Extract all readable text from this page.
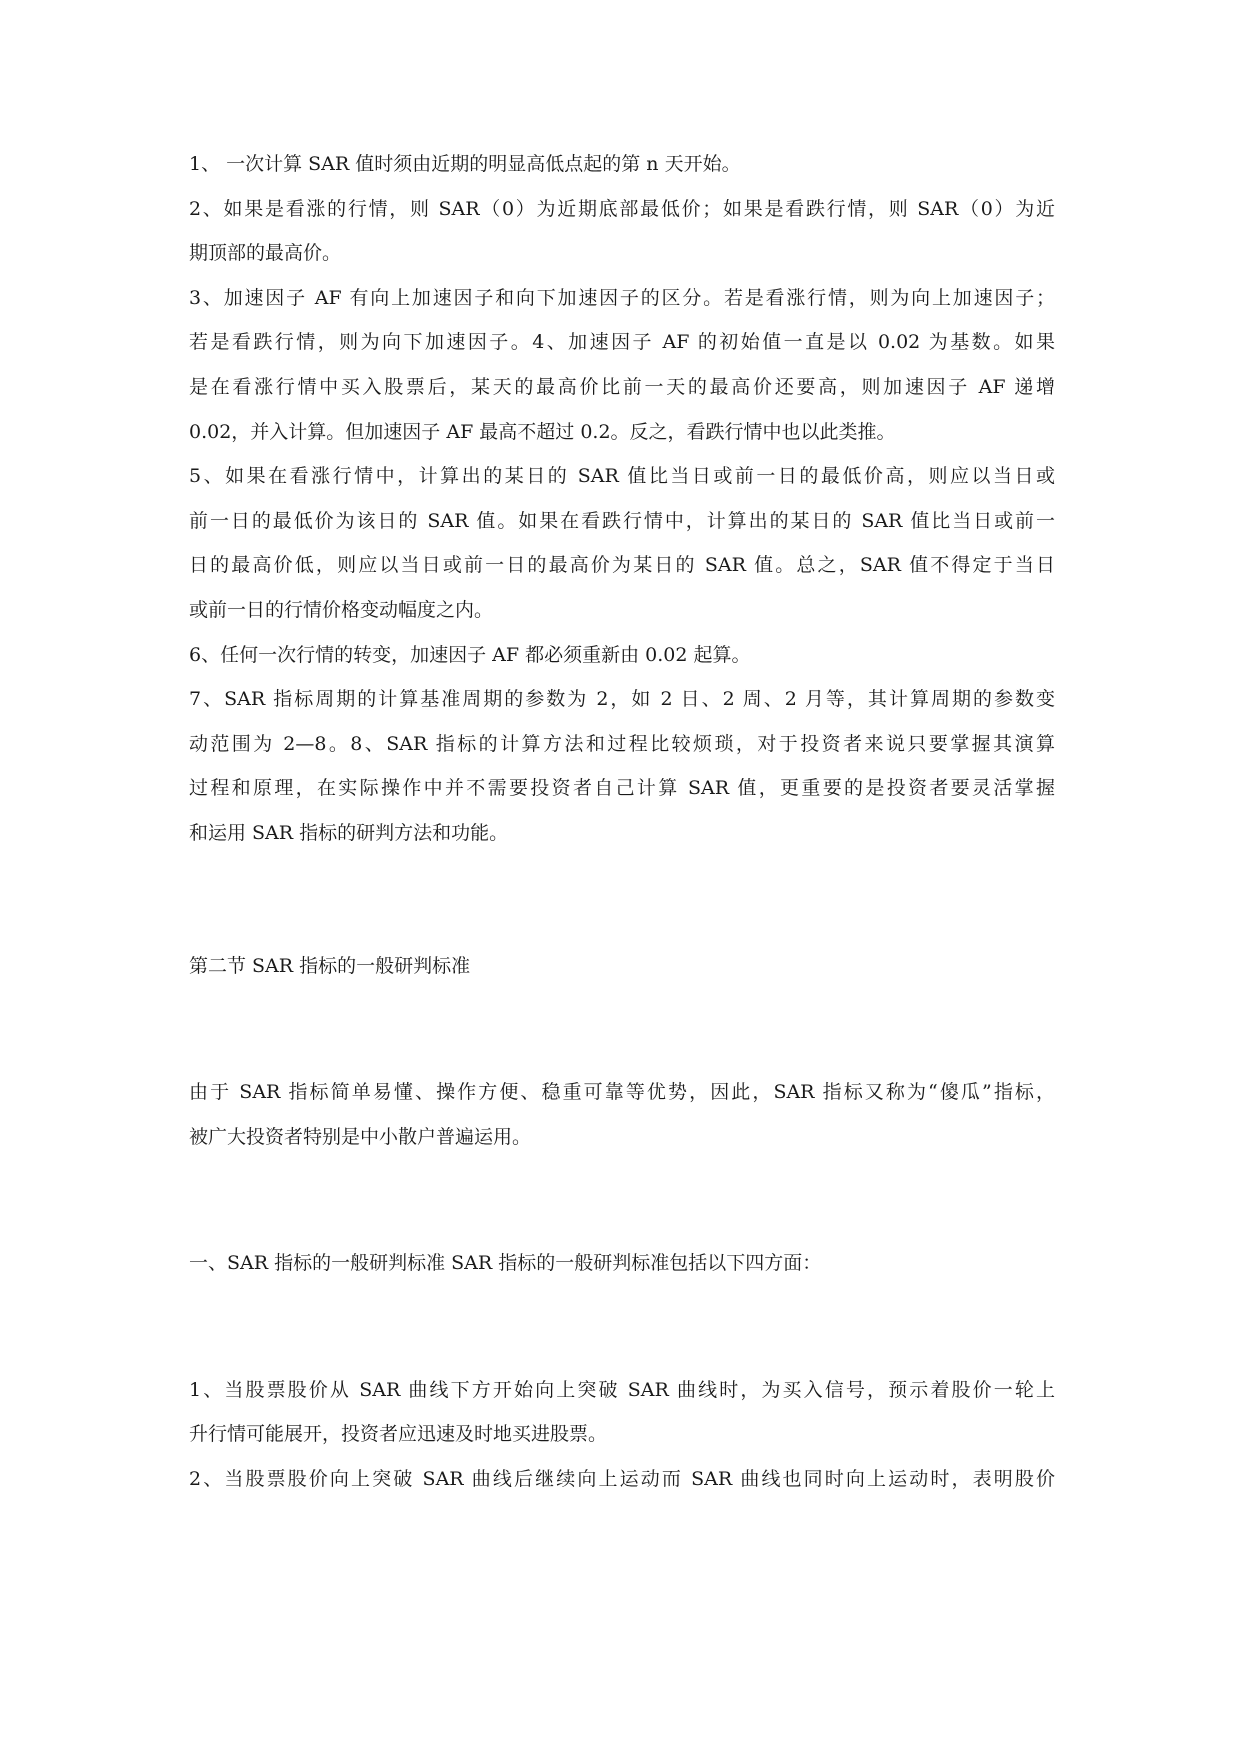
1、 一次计算 SAR 值时须由近期的明显高低点起的第 n 天开始。
2、如果是看涨的行情，则 SAR（0）为近期底部最低价；如果是看跌行情，则 SAR（0）为近
期顶部的最高价。
3、加速因子 AF 有向上加速因子和向下加速因子的区分。若是看涨行情，则为向上加速因子；
若是看跌行情，则为向下加速因子。4、加速因子 AF 的初始值一直是以 0.02 为基数。如果
是在看涨行情中买入股票后，某天的最高价比前一天的最高价还要高，则加速因子 AF 递增
0.02，并入计算。但加速因子 AF 最高不超过 0.2。反之，看跌行情中也以此类推。
5、如果在看涨行情中，计算出的某日的 SAR 值比当日或前一日的最低价高，则应以当日或
前一日的最低价为该日的 SAR 值。如果在看跌行情中，计算出的某日的 SAR 值比当日或前一
日的最高价低，则应以当日或前一日的最高价为某日的 SAR 值。总之，SAR 值不得定于当日
或前一日的行情价格变动幅度之内。
6、任何一次行情的转变，加速因子 AF 都必须重新由 0.02 起算。
7、SAR 指标周期的计算基准周期的参数为 2，如 2 日、2 周、2 月等，其计算周期的参数变
动范围为 2—8。8、SAR 指标的计算方法和过程比较烦琐，对于投资者来说只要掌握其演算
过程和原理，在实际操作中并不需要投资者自己计算 SAR 值，更重要的是投资者要灵活掌握
和运用 SAR 指标的研判方法和功能。
第二节 SAR 指标的一般研判标准
由于 SAR 指标简单易懂、操作方便、稳重可靠等优势，因此，SAR 指标又称为“傻瓜”指标，
被广大投资者特别是中小散户普遍运用。
一、SAR 指标的一般研判标准 SAR 指标的一般研判标准包括以下四方面：
1、当股票股价从 SAR 曲线下方开始向上突破 SAR 曲线时，为买入信号，预示着股价一轮上
升行情可能展开，投资者应迅速及时地买进股票。
2、当股票股价向上突破 SAR 曲线后继续向上运动而 SAR 曲线也同时向上运动时，表明股价
